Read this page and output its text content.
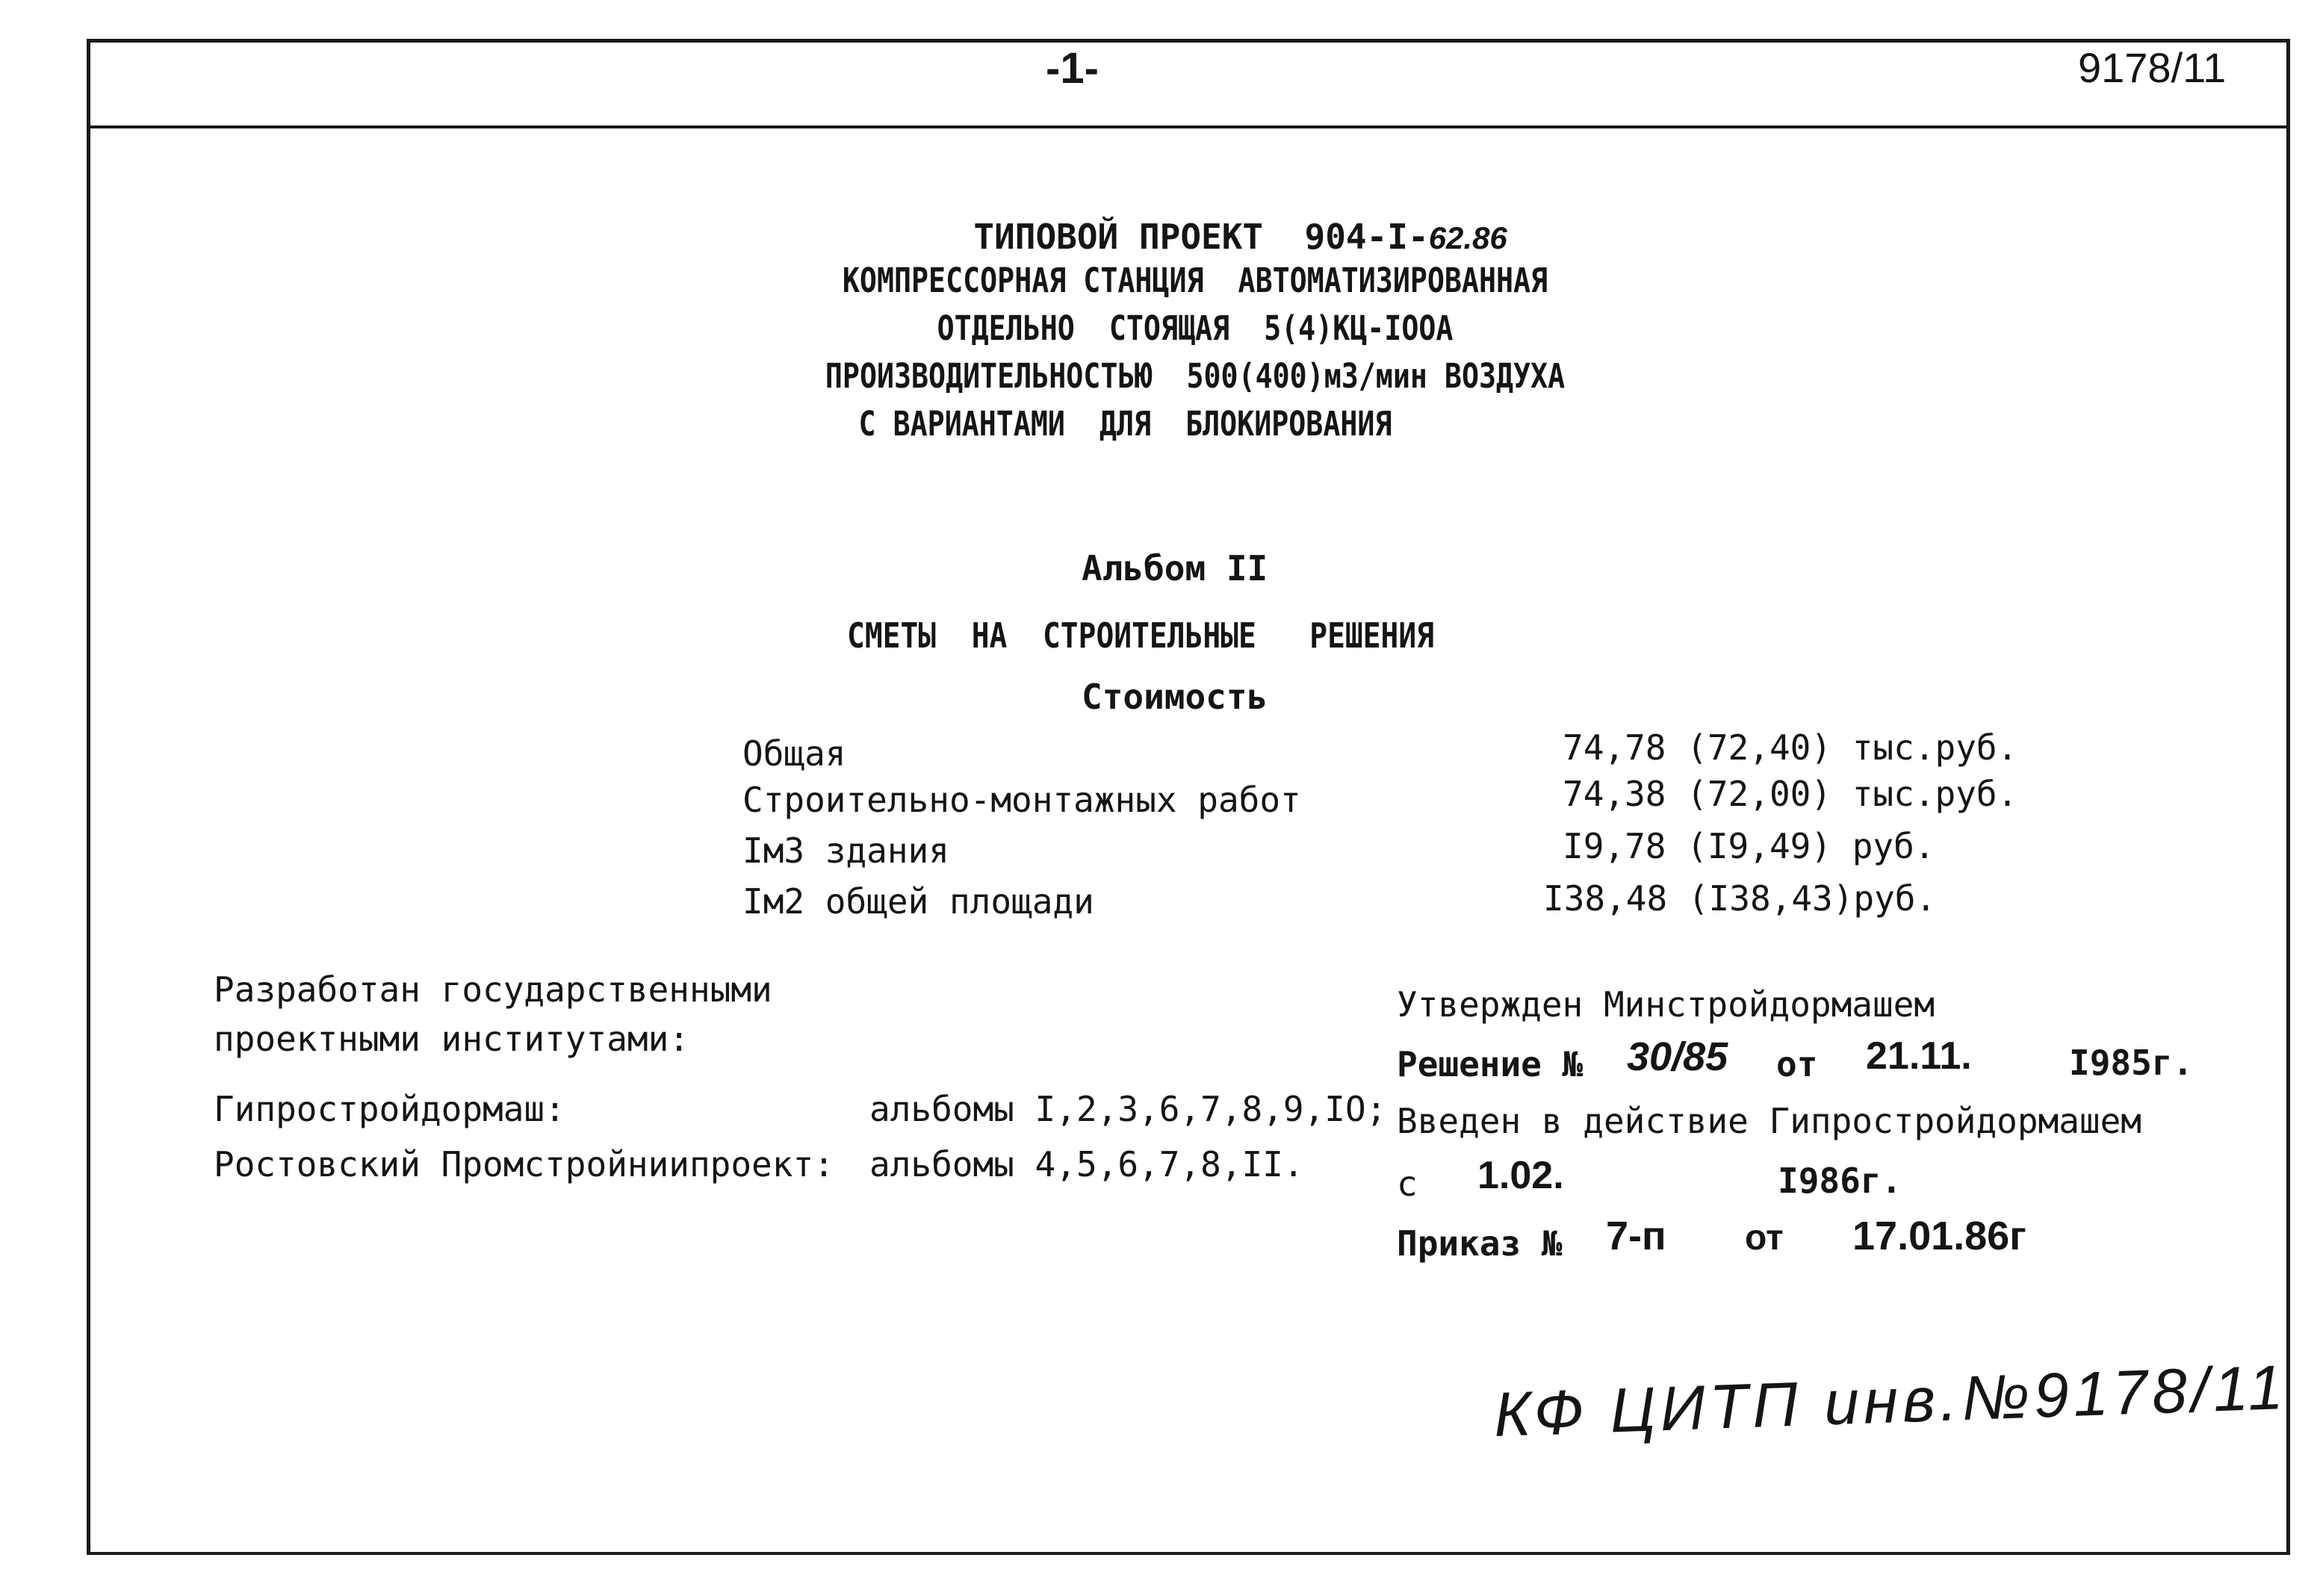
-1-	9178/11

ТИПОВОЙ ПРОЕКТ 904-I-62.86

КОМПРЕССОРНАЯ СТАНЦИЯ  АВТОМАТИЗИРОВАННАЯ
ОТДЕЛЬНО  СТОЯЩАЯ  5(4)КЦ-IOOA
ПРОИЗВОДИТЕЛЬНОСТЬЮ  500(400)м3/мин ВОЗДУХА
С ВАРИАНТАМИ  ДЛЯ  БЛОКИРОВАНИЯ
Альбом II
СМЕТЫ  НА  СТРОИТЕЛЬНЫЕ   РЕШЕНИЯ
Стоимость
Общая	74,78 (72,40) тыс.руб.
Строительно-монтажных работ	74,38 (72,00) тыс.руб.
Iм3 здания	I9,78 (I9,49) руб.
Iм2 общей площади	I38,48 (I38,43)руб.
Разработан государственными
проектными институтами:
Гипростройдормаш:	альбомы I,2,3,6,7,8,9,IO;
Ростовский Промстройниипроект: альбомы 4,5,6,7,8,II.
Утвержден Минстройдормашем
Решение № 30/85 от 21.11.	I985г.
Введен в действие Гипростройдормашем
с 1.02.	I986г.
Приказ № 7-п от 17.01.86г
КФ ЦИТП инв.№9178/11
